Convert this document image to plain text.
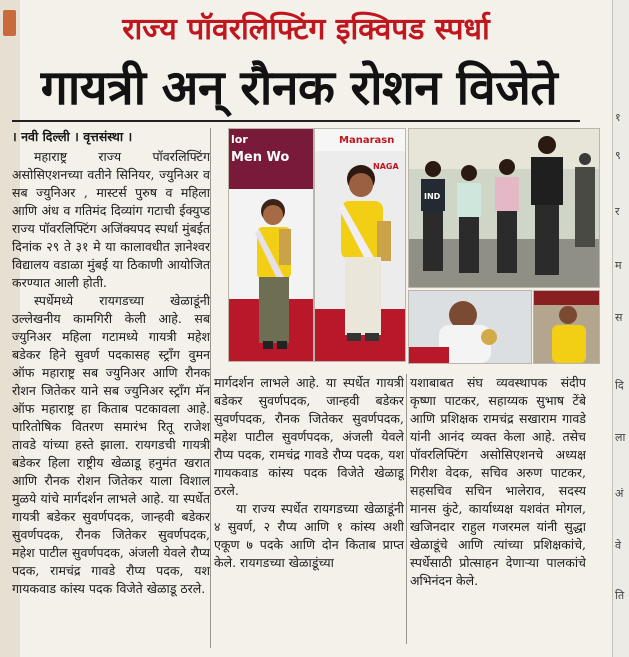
राज्य पॉवरलिफ्टिंग इक्विपड स्पर्धा
गायत्री अन् रौनक रोशन विजेते
lor
Men Wo
Manarasn
NAGA
IND
। नवी दिल्ली । वृत्तसंस्था ।
महाराष्ट्र राज्य पॉवरलिफ्टिंग असोसिएशनच्या वतीने सिनियर, ज्युनिअर व सब ज्युनिअर , मास्टर्स पुरुष व महिला आणि अंध व गतिमंद दिव्यांग गटाची ईक्युप्ड राज्य पॉवरलिफ्टिंग अजिंक्यपद स्पर्धा मुंबईत दिनांक २९ ते ३१ मे या कालावधीत ज्ञानेश्वर विद्यालय वडाळा मुंबई या ठिकाणी आयोजित करण्यात आली होती.
स्पर्धेमध्ये रायगडच्या खेळाडूंनी उल्लेखनीय कामगिरी केली आहे. सब ज्युनिअर महिला गटामध्ये गायत्री महेश बडेकर हिने सुवर्ण पदकासह स्ट्रॉंग वुमन ऑफ महाराष्ट्र सब ज्युनिअर आणि रौनक रोशन जितेकर याने सब ज्युनिअर स्ट्रॉंग मॅन ऑफ महाराष्ट्र हा किताब पटकावला आहे. पारितोषिक वितरण समारंभ रितू राजेश तावडे यांच्या हस्ते झाला. रायगडची गायत्री बडेकर हिला राष्ट्रीय खेळाडू हनुमंत खरात आणि रौनक रोशन जितेकर याला विशाल मुळये यांचे मार्गदर्शन लाभले आहे. या स्पर्धेत गायत्री बडेकर सुवर्णपदक, जान्हवी बडेकर सुवर्णपदक, रौनक जितेकर सुवर्णपदक, महेश पाटील सुवर्णपदक, अंजली येवले रौप्य पदक, रामचंद्र गावडे रौप्य पदक, यश गायकवाड कांस्य पदक विजेते खेळाडू ठरले.
मार्गदर्शन लाभले आहे. या स्पर्धेत गायत्री बडेकर सुवर्णपदक, जान्हवी बडेकर सुवर्णपदक, रौनक जितेकर सुवर्णपदक, महेश पाटील सुवर्णपदक, अंजली येवले रौप्य पदक, रामचंद्र गावडे रौप्य पदक, यश गायकवाड कांस्य पदक विजेते खेळाडू ठरले.
या राज्य स्पर्धेत रायगडच्या खेळाडूंनी ४ सुवर्ण, २ रौप्य आणि १ कांस्य अशी एकूण ७ पदके आणि दोन किताब प्राप्त केले. रायगडच्या खेळाडूंच्या
यशाबाबत संघ व्यवस्थापक संदीप कृष्णा पाटकर, सहाय्यक सुभाष टेंबे आणि प्रशिक्षक रामचंद्र सखाराम गावडे यांनी आनंद व्यक्त केला आहे. तसेच पॉवरलिफ्टिंग असोसिएशनचे अध्यक्ष गिरीश वेदक, सचिव अरुण पाटकर, सहसचिव सचिन भालेराव, सदस्य मानस कुंटे, कार्याध्यक्ष यशवंत मोगल, खजिनदार राहुल गजरमल यांनी सुद्धा खेळाडूंचे आणि त्यांच्या प्रशिक्षकांचे, स्पर्धेसाठी प्रोत्साहन देणाऱ्या पालकांचे अभिनंदन केले.
१
९
र
म
स
दि
ला
अं
वे
ति
